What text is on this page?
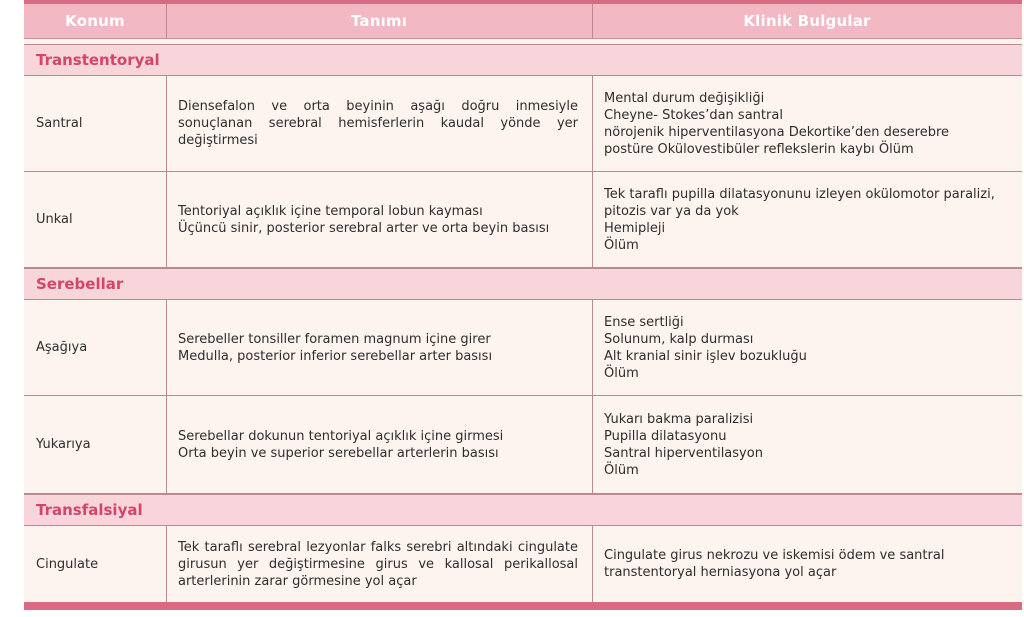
Konum	Tanımı	Klinik Bulgular
Transtentoryal
Santral
Diensefalon ve orta beyinin aşağı doğru inmesiyle sonuçlanan serebral hemisferlerin kaudal yönde yer değiştirmesi
Mental durum değişikliği
Cheyne- Stokes’dan santral
nörojenik hiperventilasyona Dekortike’den deserebre
postüre Okülovestibüler reflekslerin kaybı Ölüm
Unkal
Tentoriyal açıklık içine temporal lobun kayması
Üçüncü sinir, posterior serebral arter ve orta beyin basısı
Tek taraflı pupilla dilatasyonunu izleyen okülomotor paralizi, pitozis var ya da yok
Hemipleji
Ölüm
Serebellar
Aşağıya
Serebeller tonsiller foramen magnum içine girer
Medulla, posterior inferior serebellar arter basısı
Ense sertliği
Solunum, kalp durması
Alt kranial sinir işlev bozukluğu
Ölüm
Yukarıya
Serebellar dokunun tentoriyal açıklık içine girmesi
Orta beyin ve superior serebellar arterlerin basısı
Yukarı bakma paralizisi
Pupilla dilatasyonu
Santral hiperventilasyon
Ölüm
Transfalsiyal
Cingulate
Tek taraflı serebral lezyonlar falks serebri altındaki cingulate girusun yer değiştirmesine girus ve kallosal perikallosal arterlerinin zarar görmesine yol açar
Cingulate girus nekrozu ve iskemisi ödem ve santral transtentoryal herniasyona yol açar
